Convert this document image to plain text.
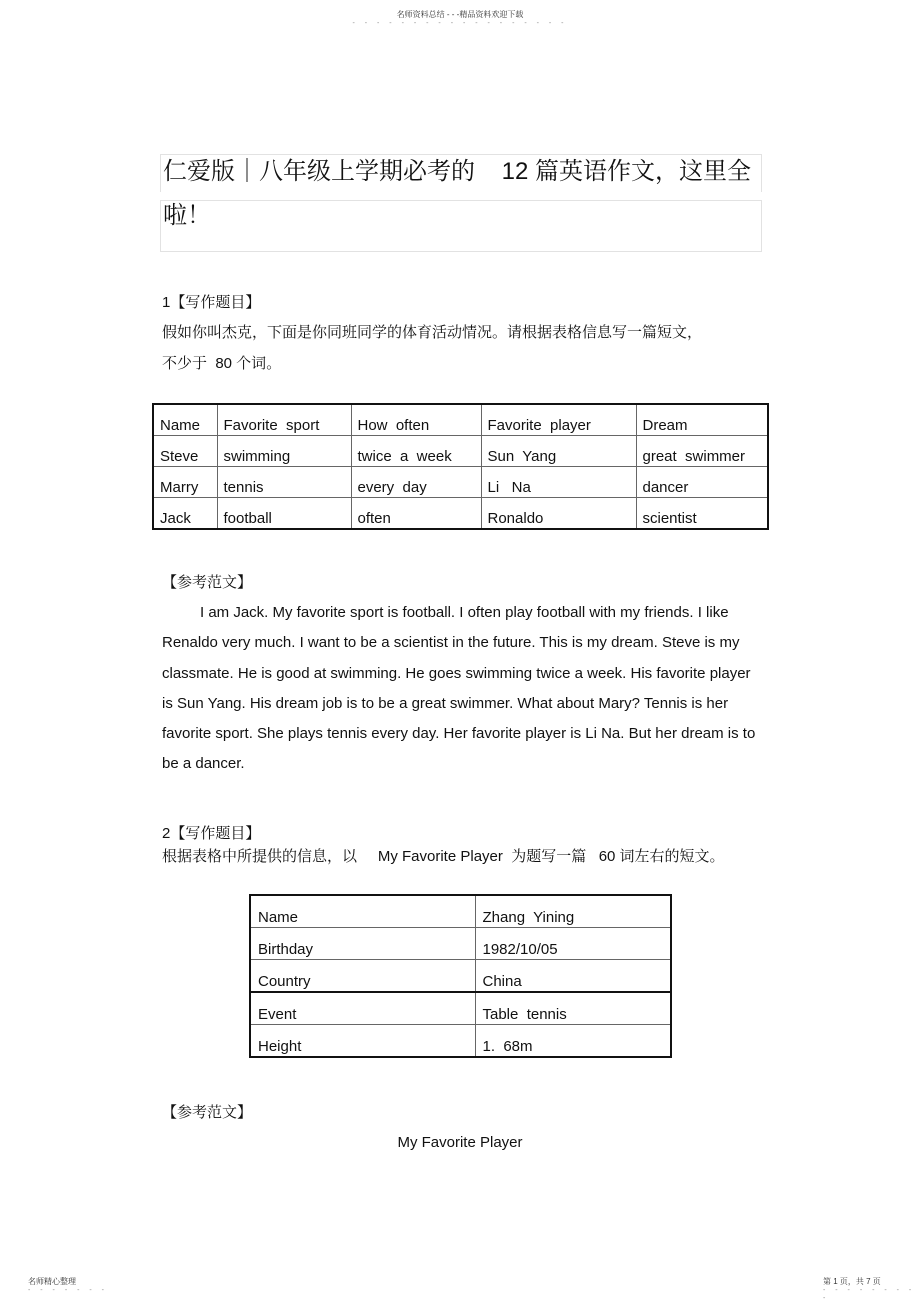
名师资料总结 - - -精品资料欢迎下载
- - - - - - - - - - - - - - - - - -
仁爱版｜八年级上学期必考的    12 篇英语作文，这里全
啦！
1【写作题目】
假如你叫杰克，下面是你同班同学的体育活动情况。请根据表格信息写一篇短文，
不少于  80 个词。
Name	Favorite  sport	How  often	Favorite  player	Dream
Steve	swimming	twice  a  week	Sun  Yang	great  swimmer
Marry	tennis	every  day	Li   Na	dancer
Jack	football	often	Ronaldo	scientist
【参考范文】
I am Jack. My favorite sport is football. I often play football with my friends. I like Renaldo very much. I want to be a scientist in the future. This is my dream. Steve is my classmate. He is good at swimming. He goes swimming twice a week. His favorite player is Sun Yang. His dream job is to be a great swimmer. What about Mary? Tennis is her favorite sport. She plays tennis every day. Her favorite player is Li Na. But her dream is to be a dancer.
2【写作题目】
根据表格中所提供的信息，以     My Favorite Player  为题写一篇   60 词左右的短文。
Name	Zhang  Yining
Birthday	1982/10/05
Country	China
Event	Table  tennis
Height	1.  68m
【参考范文】
My Favorite Player
名师精心整理
- - - - - - -
第 1 页，共 7 页
- - - - - - - - -
